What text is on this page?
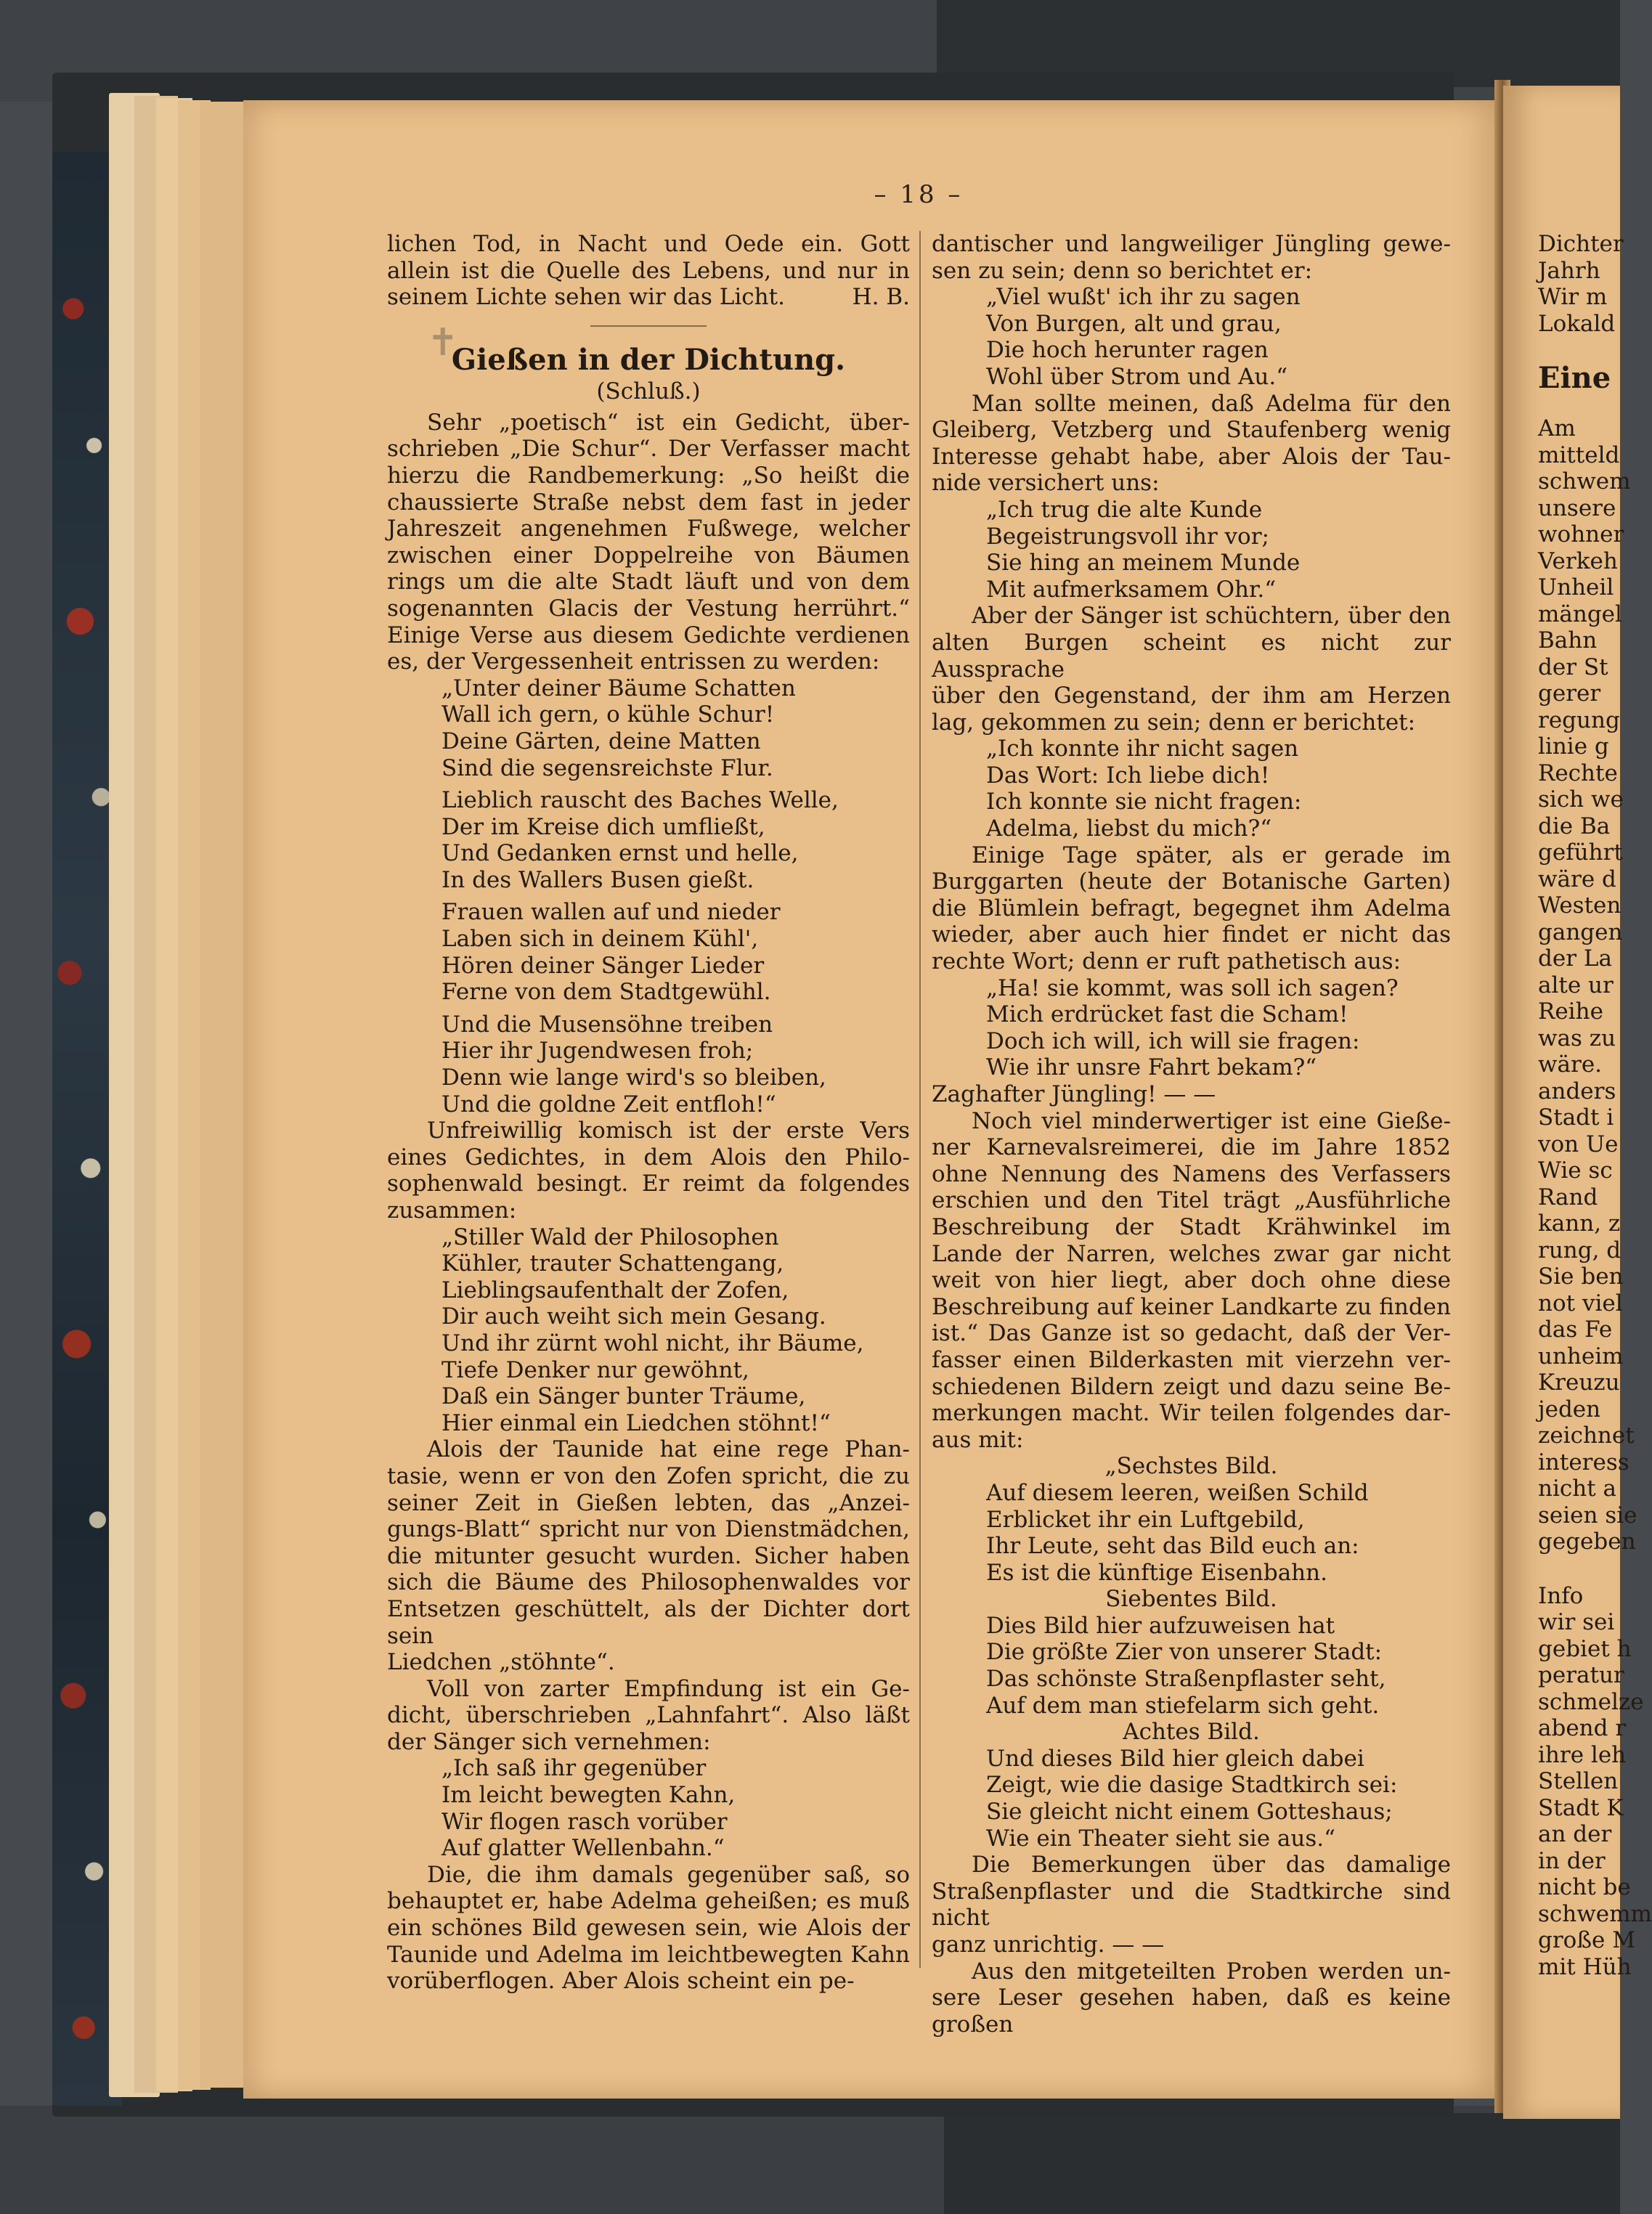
Dichter

Jahrh

Wir m

Lokald

Eine

Am

mitteld

schwem

unsere

wohner

Verkeh

Unheil

mängel

Bahn

der St

gerer

regung

linie g

Rechte

sich we

die Ba

geführt

wäre d

Westen

gangen

der La

alte ur

Reihe

was zu

wäre.

anders

Stadt i

von Ue

Wie sc

Rand

kann, z

rung, d

Sie ben

not viel

das Fe

unheim

Kreuzu

jeden

zeichnet

interess

nicht a

seien sie

gegeben

Info

wir sei

gebiet h

peratur

schmelze

abend r

ihre leh

Stellen

Stadt K

an der

in der

nicht be

schwemm

große M

mit Hüh

– 18 –
✝

lichen Tod, in Nacht und Oede ein. Gott

allein ist die Quelle des Lebens, und nur in

seinem Lichte sehen wir das Licht.	H. B.

Gießen in der Dichtung.

(Schluß.)

Sehr „poetisch“ ist ein Gedicht, über-

schrieben „Die Schur“. Der Verfasser macht

hierzu die Randbemerkung: „So heißt die

chaussierte Straße nebst dem fast in jeder

Jahreszeit angenehmen Fußwege, welcher

zwischen einer Doppelreihe von Bäumen

rings um die alte Stadt läuft und von dem

sogenannten Glacis der Vestung herrührt.“

Einige Verse aus diesem Gedichte verdienen

es, der Vergessenheit entrissen zu werden:

„Unter deiner Bäume Schatten

Wall ich gern, o kühle Schur!

Deine Gärten, deine Matten

Sind die segensreichste Flur.

Lieblich rauscht des Baches Welle,

Der im Kreise dich umfließt,

Und Gedanken ernst und helle,

In des Wallers Busen gießt.

Frauen wallen auf und nieder

Laben sich in deinem Kühl',

Hören deiner Sänger Lieder

Ferne von dem Stadtgewühl.

Und die Musensöhne treiben

Hier ihr Jugendwesen froh;

Denn wie lange wird's so bleiben,

Und die goldne Zeit entfloh!“

Unfreiwillig komisch ist der erste Vers

eines Gedichtes, in dem Alois den Philo-

sophenwald besingt. Er reimt da folgendes

zusammen:

„Stiller Wald der Philosophen

Kühler, trauter Schattengang,

Lieblingsaufenthalt der Zofen,

Dir auch weiht sich mein Gesang.

Und ihr zürnt wohl nicht, ihr Bäume,

Tiefe Denker nur gewöhnt,

Daß ein Sänger bunter Träume,

Hier einmal ein Liedchen stöhnt!“

Alois der Taunide hat eine rege Phan-

tasie, wenn er von den Zofen spricht, die zu

seiner Zeit in Gießen lebten, das „Anzei-

gungs-Blatt“ spricht nur von Dienstmädchen,

die mitunter gesucht wurden. Sicher haben

sich die Bäume des Philosophenwaldes vor

Entsetzen geschüttelt, als der Dichter dort sein

Liedchen „stöhnte“.

Voll von zarter Empfindung ist ein Ge-

dicht, überschrieben „Lahnfahrt“. Also läßt

der Sänger sich vernehmen:

„Ich saß ihr gegenüber

Im leicht bewegten Kahn,

Wir flogen rasch vorüber

Auf glatter Wellenbahn.“

Die, die ihm damals gegenüber saß, so

behauptet er, habe Adelma geheißen; es muß

ein schönes Bild gewesen sein, wie Alois der

Taunide und Adelma im leichtbewegten Kahn

vorüberflogen. Aber Alois scheint ein pe-

dantischer und langweiliger Jüngling gewe-

sen zu sein; denn so berichtet er:

„Viel wußt' ich ihr zu sagen

Von Burgen, alt und grau,

Die hoch herunter ragen

Wohl über Strom und Au.“

Man sollte meinen, daß Adelma für den

Gleiberg, Vetzberg und Staufenberg wenig

Interesse gehabt habe, aber Alois der Tau-

nide versichert uns:

„Ich trug die alte Kunde

Begeistrungsvoll ihr vor;

Sie hing an meinem Munde

Mit aufmerksamem Ohr.“

Aber der Sänger ist schüchtern, über den

alten Burgen scheint es nicht zur Aussprache

über den Gegenstand, der ihm am Herzen

lag, gekommen zu sein; denn er berichtet:

„Ich konnte ihr nicht sagen

Das Wort: Ich liebe dich!

Ich konnte sie nicht fragen:

Adelma, liebst du mich?“

Einige Tage später, als er gerade im

Burggarten (heute der Botanische Garten)

die Blümlein befragt, begegnet ihm Adelma

wieder, aber auch hier findet er nicht das

rechte Wort; denn er ruft pathetisch aus:

„Ha! sie kommt, was soll ich sagen?

Mich erdrücket fast die Scham!

Doch ich will, ich will sie fragen:

Wie ihr unsre Fahrt bekam?“

Zaghafter Jüngling! — —

Noch viel minderwertiger ist eine Gieße-

ner Karnevalsreimerei, die im Jahre 1852

ohne Nennung des Namens des Verfassers

erschien und den Titel trägt „Ausführliche

Beschreibung der Stadt Krähwinkel im

Lande der Narren, welches zwar gar nicht

weit von hier liegt, aber doch ohne diese

Beschreibung auf keiner Landkarte zu finden

ist.“ Das Ganze ist so gedacht, daß der Ver-

fasser einen Bilderkasten mit vierzehn ver-

schiedenen Bildern zeigt und dazu seine Be-

merkungen macht. Wir teilen folgendes dar-

aus mit:

„Sechstes Bild.

Auf diesem leeren, weißen Schild

Erblicket ihr ein Luftgebild,

Ihr Leute, seht das Bild euch an:

Es ist die künftige Eisenbahn.

Siebentes Bild.

Dies Bild hier aufzuweisen hat

Die größte Zier von unserer Stadt:

Das schönste Straßenpflaster seht,

Auf dem man stiefelarm sich geht.

Achtes Bild.

Und dieses Bild hier gleich dabei

Zeigt, wie die dasige Stadtkirch sei:

Sie gleicht nicht einem Gotteshaus;

Wie ein Theater sieht sie aus.“

Die Bemerkungen über das damalige

Straßenpflaster und die Stadtkirche sind nicht

ganz unrichtig. — —

Aus den mitgeteilten Proben werden un-

sere Leser gesehen haben, daß es keine großen
